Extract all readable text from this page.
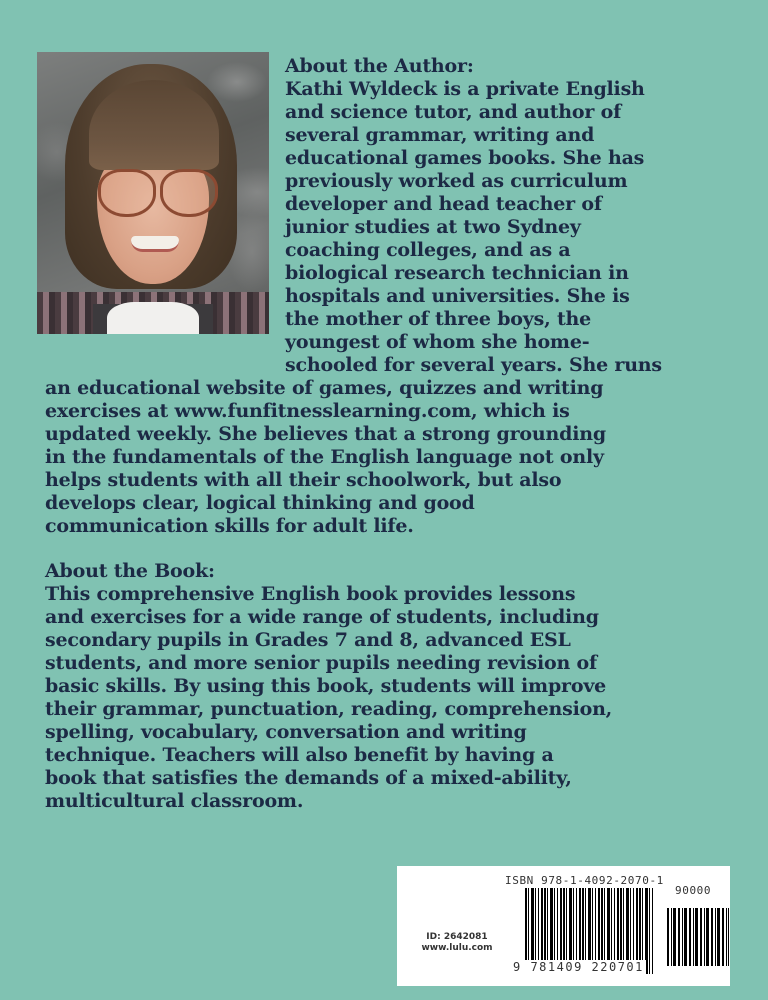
About the Author:
Kathi Wyldeck is a private English
and science tutor, and author of
several grammar, writing and
educational games books. She has
previously worked as curriculum
developer and head teacher of
junior studies at two Sydney
coaching colleges, and as a
biological research technician in
hospitals and universities. She is
the mother of three boys, the
youngest of whom she home-
schooled for several years. She runs
an educational website of games, quizzes and writing
exercises at www.funfitnesslearning.com, which is
updated weekly. She believes that a strong grounding
in the fundamentals of the English language not only
helps students with all their schoolwork, but also
develops clear, logical thinking and good
communication skills for adult life.
About the Book:
This comprehensive English book provides lessons
and exercises for a wide range of students, including
secondary pupils in Grades 7 and 8, advanced ESL
students, and more senior pupils needing revision of
basic skills. By using this book, students will improve
their grammar, punctuation, reading, comprehension,
spelling, vocabulary, conversation and writing
technique. Teachers will also benefit by having a
book that satisfies the demands of a mixed-ability,
multicultural classroom.
ID: 2642081
www.lulu.com
ISBN 978-1-4092-2070-1
90000
9 781409 220701
